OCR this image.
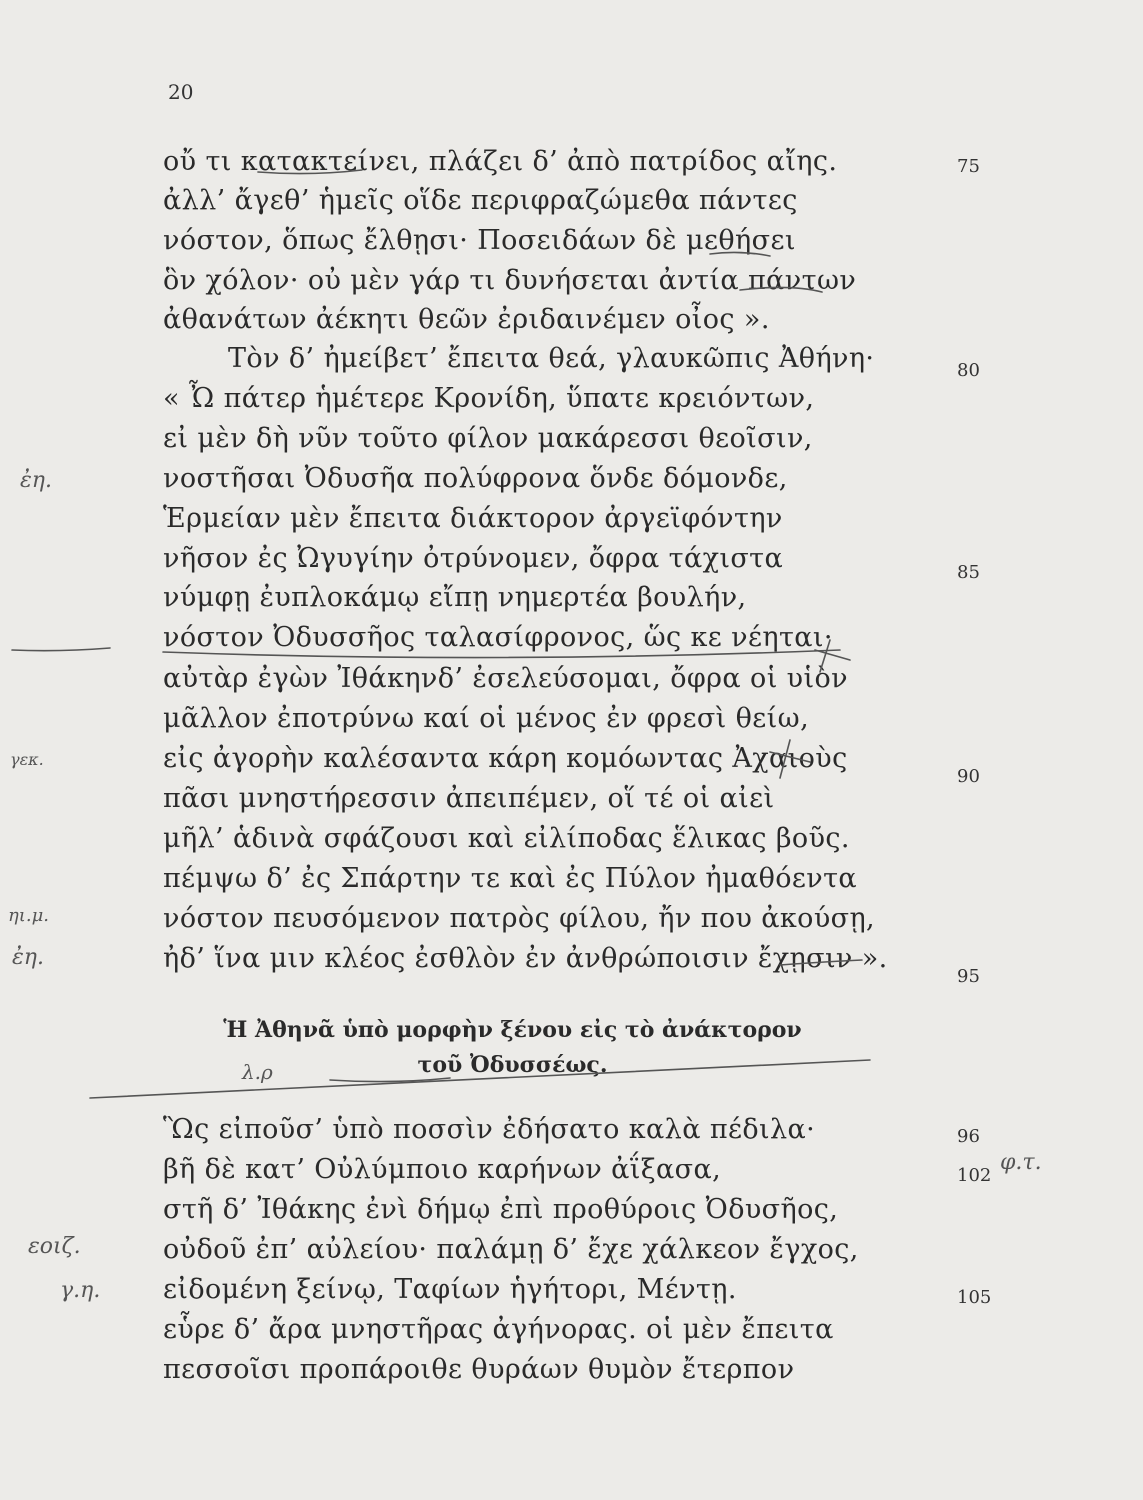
20
οὔ τι κατακτείνει, πλάζει δ’ ἀπὸ πατρίδος αἴης.	75
ἀλλ’ ἄγεθ’ ἡμεῖς οἵδε περιφραζώμεθα πάντες
νόστον, ὅπως ἔλθῃσι· Ποσειδάων δὲ μεθήσει
ὃν χόλον· οὐ μὲν γάρ τι δυνήσεται ἀντία πάντων
ἀθανάτων ἀέκητι θεῶν ἐριδαινέμεν οἶος ».
Τὸν δ’ ἠμείβετ’ ἔπειτα θεά, γλαυκῶπις Ἀθήνη·	80
« Ὦ πάτερ ἡμέτερε Κρονίδη, ὕπατε κρειόντων,
εἰ μὲν δὴ νῦν τοῦτο φίλον μακάρεσσι θεοῖσιν,
νοστῆσαι Ὀδυσῆα πολύφρονα ὅνδε δόμονδε,
Ἑρμείαν μὲν ἔπειτα διάκτορον ἀργεϊφόντην
νῆσον ἐς Ὠγυγίην ὀτρύνομεν, ὄφρα τάχιστα	85
νύμφῃ ἐυπλοκάμῳ εἴπῃ νημερτέα βουλήν,
νόστον Ὀδυσσῆος ταλασίφρονος, ὥς κε νέηται·
αὐτὰρ ἐγὼν Ἰθάκηνδ’ ἐσελεύσομαι, ὄφρα οἱ υἱὸν
μᾶλλον ἐποτρύνω καί οἱ μένος ἐν φρεσὶ θείω,
εἰς ἀγορὴν καλέσαντα κάρη κομόωντας Ἀχαιοὺς
90
πᾶσι μνηστήρεσσιν ἀπειπέμεν, οἵ τέ οἱ αἰεὶ
μῆλ’ ἁδινὰ σφάζουσι καὶ εἰλίποδας ἕλικας βοῦς.
πέμψω δ’ ἐς Σπάρτην τε καὶ ἐς Πύλον ἠμαθόεντα
νόστον πευσόμενον πατρὸς φίλου, ἤν που ἀκούσῃ,
ἠδ’ ἵνα μιν κλέος ἐσθλὸν ἐν ἀνθρώποισιν ἔχῃσιν ».
95
Ἡ Ἀθηνᾶ ὑπὸ μορφὴν ξένου εἰς τὸ ἀνάκτορον
τοῦ Ὀδυσσέως.
Ὣς εἰποῦσ’ ὑπὸ ποσσὶν ἐδήσατο καλὰ πέδιλα·	96
βῆ δὲ κατ’ Οὐλύμποιο καρήνων ἀΐξασα,	102
στῆ δ’ Ἰθάκης ἐνὶ δήμῳ ἐπὶ προθύροις Ὀδυσῆος,
οὐδοῦ ἐπ’ αὐλείου· παλάμῃ δ’ ἔχε χάλκεον ἔγχος,
εἰδομένη ξείνῳ, Ταφίων ἡγήτορι, Μέντῃ.	105
εὗρε δ’ ἄρα μνηστῆρας ἀγήνορας. οἱ μὲν ἔπειτα
πεσσοῖσι προπάροιθε θυράων θυμὸν ἔτερπον
ἐη.
γεκ.
ηι.μ.
ἐη.
λ.ρ
φ.τ.
εοιζ.
γ.η.
